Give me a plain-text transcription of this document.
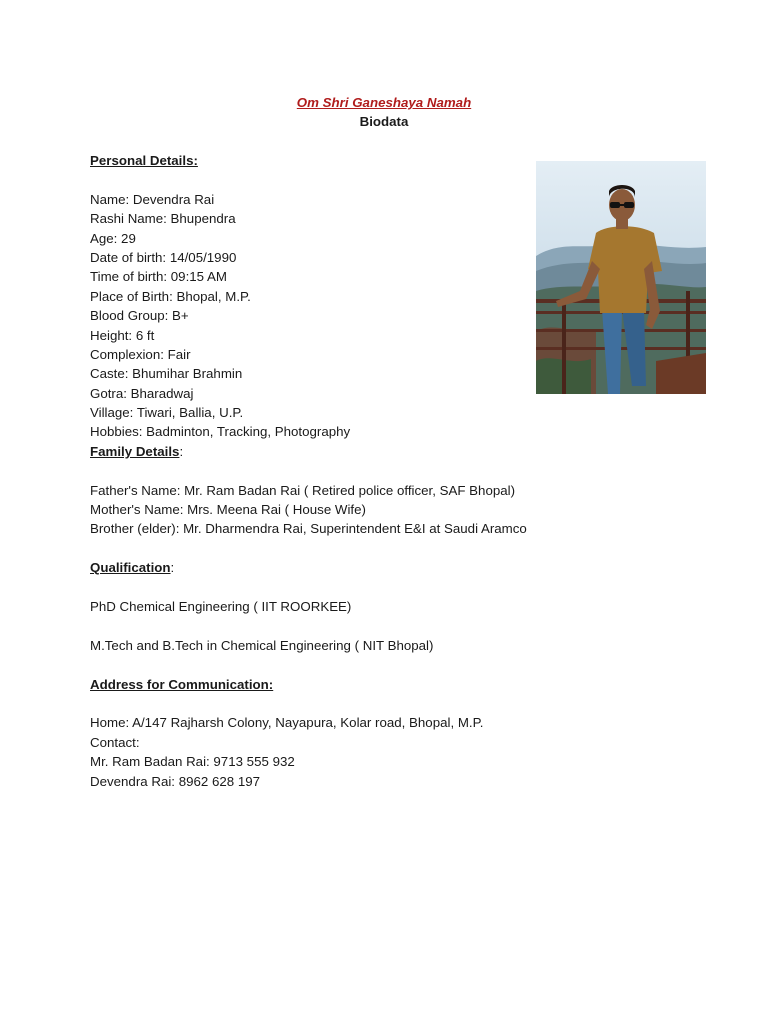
Om Shri Ganeshaya Namah
Biodata
Personal Details:
Name: Devendra Rai
Rashi Name: Bhupendra
Age: 29
Date of birth: 14/05/1990
Time of birth: 09:15 AM
Place of Birth: Bhopal, M.P.
Blood Group: B+
Height: 6 ft
Complexion: Fair
Caste: Bhumihar Brahmin
Gotra: Bharadwaj
Village: Tiwari, Ballia, U.P.
Hobbies: Badminton, Tracking, Photography
Family Details:
Father's Name: Mr. Ram Badan Rai ( Retired police officer, SAF Bhopal)
Mother's Name: Mrs. Meena Rai ( House Wife)
Brother (elder): Mr. Dharmendra Rai, Superintendent E&I at Saudi Aramco
Qualification:
PhD Chemical Engineering ( IIT ROORKEE)
M.Tech and B.Tech in Chemical Engineering ( NIT Bhopal)
Address for Communication:
Home: A/147 Rajharsh Colony, Nayapura, Kolar road, Bhopal, M.P.
Contact:
Mr. Ram Badan Rai: 9713 555 932
Devendra Rai: 8962 628 197
